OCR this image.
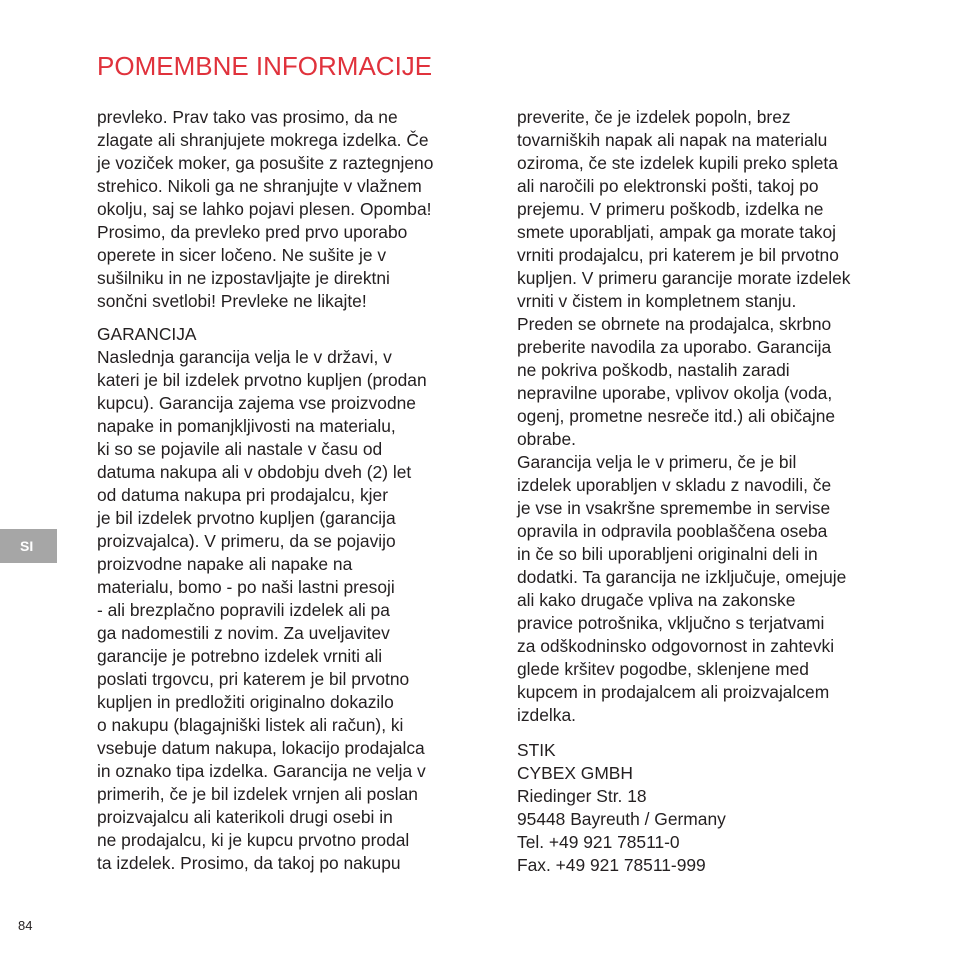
POMEMBNE INFORMACIJE
prevleko. Prav tako vas prosimo, da ne
zlagate ali shranjujete mokrega izdelka. Če
je voziček moker, ga posušite z raztegnjeno
strehico. Nikoli ga ne shranjujte v vlažnem
okolju, saj se lahko pojavi plesen. Opomba!
Prosimo, da prevleko pred prvo uporabo
operete in sicer ločeno. Ne sušite je v
sušilniku in ne izpostavljajte je direktni
sončni svetlobi! Prevleke ne likajte!
GARANCIJA
Naslednja garancija velja le v državi, v
kateri je bil izdelek prvotno kupljen (prodan
kupcu). Garancija zajema vse proizvodne
napake in pomanjkljivosti na materialu,
ki so se pojavile ali nastale v času od
datuma nakupa ali v obdobju dveh (2) let
od datuma nakupa pri prodajalcu, kjer
je bil izdelek prvotno kupljen (garancija
proizvajalca). V primeru, da se pojavijo
proizvodne napake ali napake na
materialu, bomo - po naši lastni presoji
- ali brezplačno popravili izdelek ali pa
ga nadomestili z novim. Za uveljavitev
garancije je potrebno izdelek vrniti ali
poslati trgovcu, pri katerem je bil prvotno
kupljen in predložiti originalno dokazilo
o nakupu (blagajniški listek ali račun), ki
vsebuje datum nakupa, lokacijo prodajalca
in oznako tipa izdelka. Garancija ne velja v
primerih, če je bil izdelek vrnjen ali poslan
proizvajalcu ali katerikoli drugi osebi in
ne prodajalcu, ki je kupcu prvotno prodal
ta izdelek. Prosimo, da takoj po nakupu
preverite, če je izdelek popoln, brez
tovarniških napak ali napak na materialu
oziroma, če ste izdelek kupili preko spleta
ali naročili po elektronski pošti, takoj po
prejemu. V primeru poškodb, izdelka ne
smete uporabljati, ampak ga morate takoj
vrniti prodajalcu, pri katerem je bil prvotno
kupljen. V primeru garancije morate izdelek
vrniti v čistem in kompletnem stanju.
Preden se obrnete na prodajalca, skrbno
preberite navodila za uporabo. Garancija
ne pokriva poškodb, nastalih zaradi
nepravilne uporabe, vplivov okolja (voda,
ogenj, prometne nesreče itd.) ali običajne
obrabe.
Garancija velja le v primeru, če je bil
izdelek uporabljen v skladu z navodili, če
je vse in vsakršne spremembe in servise
opravila in odpravila pooblaščena oseba
in če so bili uporabljeni originalni deli in
dodatki. Ta garancija ne izključuje, omejuje
ali kako drugače vpliva na zakonske
pravice potrošnika, vključno s terjatvami
za odškodninsko odgovornost in zahtevki
glede kršitev pogodbe, sklenjene med
kupcem in prodajalcem ali proizvajalcem
izdelka.
STIK
CYBEX GMBH
Riedinger Str. 18
95448 Bayreuth / Germany
Tel. +49 921 78511-0
Fax. +49 921 78511-999
SI
84
